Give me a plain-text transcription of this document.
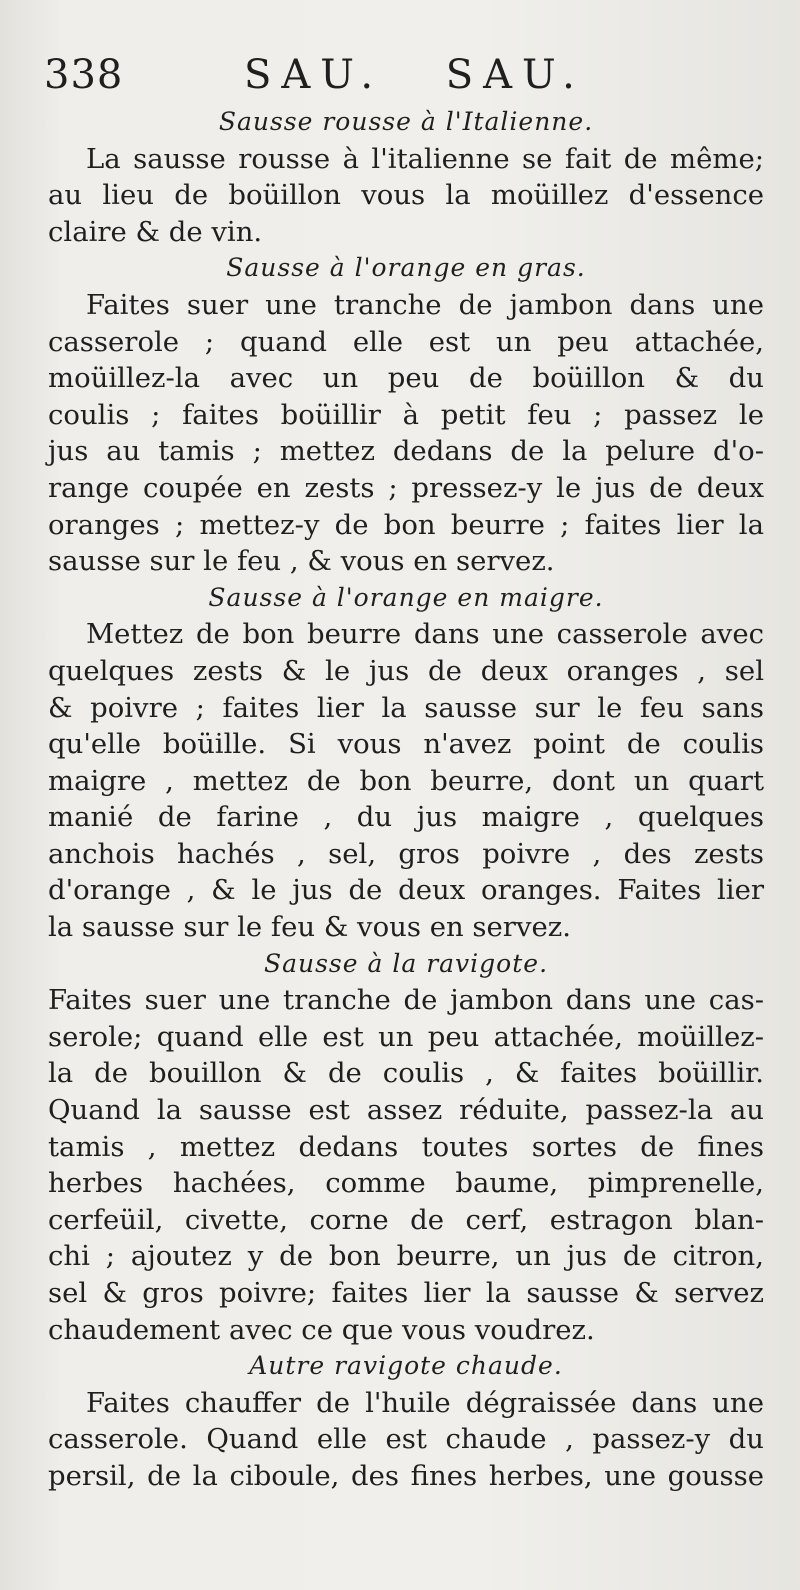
338	SAU. SAU.
Sausse rousse à l'Italienne.
La sausse rousse à l'italienne se fait de même;
au lieu de boüillon vous la moüillez d'essence
claire & de vin.
Sausse à l'orange en gras.
Faites suer une tranche de jambon dans une
casserole ; quand elle est un peu attachée,
moüillez-la avec un peu de boüillon & du
coulis ; faites boüillir à petit feu ; passez le
jus au tamis ; mettez dedans de la pelure d'o-
range coupée en zests ; pressez-y le jus de deux
oranges ; mettez-y de bon beurre ; faites lier la
sausse sur le feu , & vous en servez.
Sausse à l'orange en maigre.
Mettez de bon beurre dans une casserole avec
quelques zests & le jus de deux oranges , sel
& poivre ; faites lier la sausse sur le feu sans
qu'elle boüille. Si vous n'avez point de coulis
maigre , mettez de bon beurre, dont un quart
manié de farine , du jus maigre , quelques
anchois hachés , sel, gros poivre , des zests
d'orange , & le jus de deux oranges. Faites lier
la sausse sur le feu & vous en servez.
Sausse à la ravigote.
Faites suer une tranche de jambon dans une cas-
serole; quand elle est un peu attachée, moüillez-
la de bouillon & de coulis , & faites boüillir.
Quand la sausse est assez réduite, passez-la au
tamis , mettez dedans toutes sortes de fines
herbes hachées, comme baume, pimprenelle,
cerfeüil, civette, corne de cerf, estragon blan-
chi ; ajoutez y de bon beurre, un jus de citron,
sel & gros poivre; faites lier la sausse & servez
chaudement avec ce que vous voudrez.
Autre ravigote chaude.
Faites chauffer de l'huile dégraissée dans une
casserole. Quand elle est chaude , passez-y du
persil, de la ciboule, des fines herbes, une gousse
